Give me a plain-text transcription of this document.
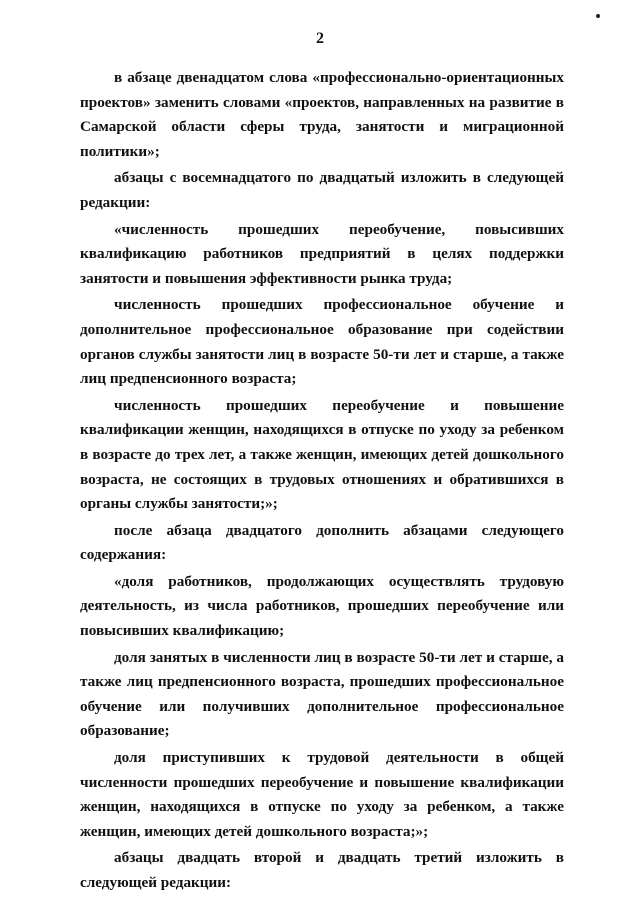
2

в абзаце двенадцатом слова «профессионально-ориентационных проектов» заменить словами «проектов, направленных на развитие в Самарской области сферы труда, занятости и миграционной политики»;

абзацы с восемнадцатого по двадцатый изложить в следующей редакции:

«численность прошедших переобучение, повысивших квалификацию работников предприятий в целях поддержки занятости и повышения эффективности рынка труда;

численность прошедших профессиональное обучение и дополнительное профессиональное образование при содействии органов службы занятости лиц в возрасте 50-ти лет и старше, а также лиц предпенсионного возраста;

численность прошедших переобучение и повышение квалификации женщин, находящихся в отпуске по уходу за ребенком в возрасте до трех лет, а также женщин, имеющих детей дошкольного возраста, не состоящих в трудовых отношениях и обратившихся в органы службы занятости;»;

после абзаца двадцатого дополнить абзацами следующего содержания:

«доля работников, продолжающих осуществлять трудовую деятельность, из числа работников, прошедших переобучение или повысивших квалификацию;

доля занятых в численности лиц в возрасте 50-ти лет и старше, а также лиц предпенсионного возраста, прошедших профессиональное обучение или получивших дополнительное профессиональное образование;

доля приступивших к трудовой деятельности в общей численности прошедших переобучение и повышение квалификации женщин, находящихся в отпуске по уходу за ребенком, а также женщин, имеющих детей дошкольного возраста;»;

абзацы двадцать второй и двадцать третий изложить в следующей редакции:
